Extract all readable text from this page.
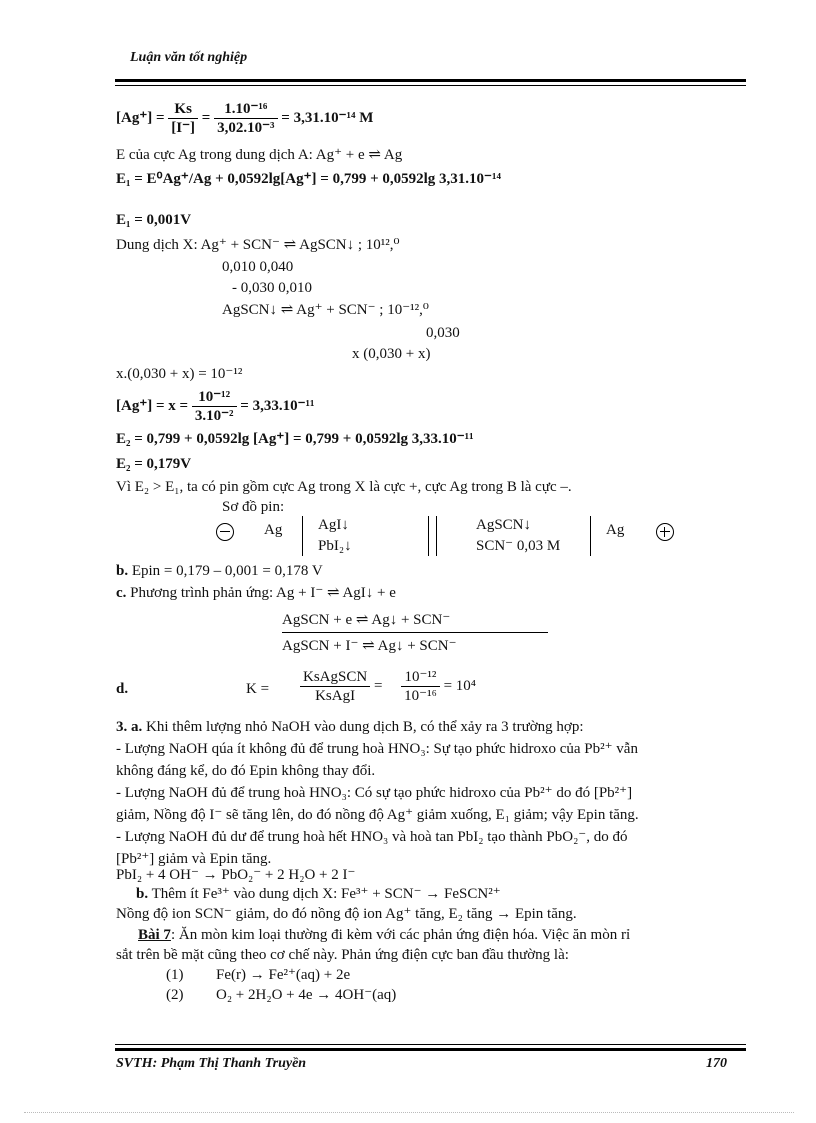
Luận văn tốt nghiệp
$[Ag^+] = \frac{Ks}{[I^-]} = \frac{\text{1.10⁻¹⁶}}{\text{3,02.10⁻³}} = 3,31.10^{-14}$ M
E của cực Ag trong dung dịch A: Ag⁺ + e ⇌ Ag
E₁ = E⁰Ag⁺/Ag + 0,0592lg[Ag⁺] = 0,799 + 0,0592lg 3,31.10⁻¹⁴
E₁ = 0,001V
Dung dịch X: Ag⁺ + SCN⁻ ⇌ AgSCN↓ ; 10¹²,⁰
0,010 0,040
- 0,030 0,010
AgSCN↓ ⇌ Ag⁺ + SCN⁻ ; 10⁻¹²,⁰
0,030
x (0,030 + x)
x.(0,030 + x) = 10⁻¹²
$[Ag^+] = x = \frac{\text{10⁻¹²}}{\text{3.10⁻²}} = 3,33.10^{-11}$
E₂ = 0,799 + 0,0592lg [Ag⁺] = 0,799 + 0,0592lg 3,33.10⁻¹¹
E₂ = 0,179V
Vì E₂ > E₁, ta có pin gồm cực Ag trong X là cực +, cực Ag trong B là cực –.
Sơ đồ pin:
Ag AgI↓
PbI₂↓
AgSCN↓
SCN⁻ 0,03 M
Ag
b. Epin = 0,179 – 0,001 = 0,178 V
c. Phương trình phản ứng: Ag + I⁻ ⇌ AgI↓ + e
AgSCN + e ⇌ Ag↓ + SCN⁻
AgSCN + I⁻ ⇌ Ag↓ + SCN⁻
d.	$K = \frac{\text{KsAgSCN}}{\text{KsAgI}} = \frac{\text{10⁻¹²}}{\text{10⁻¹⁶}} = 10^4$
3. a. Khi thêm lượng nhỏ NaOH vào dung dịch B, có thể xảy ra 3 trường hợp:
- Lượng NaOH qúa ít không đủ để trung hoà HNO₃: Sự tạo phức hidroxo của Pb²⁺ vẫn
không đáng kể, do đó Epin không thay đổi.
- Lượng NaOH đủ để trung hoà HNO₃: Có sự tạo phức hidroxo của Pb²⁺ do đó [Pb²⁺]
giảm, Nồng độ I⁻ sẽ tăng lên, do đó nồng độ Ag⁺ giảm xuống, E₁ giảm; vậy Epin tăng.
- Lượng NaOH đủ dư để trung hoà hết HNO₃ và hoà tan PbI₂ tạo thành PbO₂⁻, do đó
[Pb²⁺] giảm và Epin tăng.
PbI₂ + 4 OH⁻ → PbO₂⁻ + 2 H₂O + 2 I⁻
b. Thêm ít Fe³⁺ vào dung dịch X: Fe³⁺ + SCN⁻ → FeSCN²⁺
Nồng độ ion SCN⁻ giảm, do đó nồng độ ion Ag⁺ tăng, E₂ tăng → Epin tăng.
Bài 7: Ăn mòn kim loại thường đi kèm với các phản ứng điện hóa. Việc ăn mòn rỉ
sắt trên bề mặt cũng theo cơ chế này. Phản ứng điện cực ban đầu thường là:
(1) Fe(r) → Fe²⁺(aq) + 2e
(2) O₂ + 2H₂O + 4e → 4OH⁻(aq)
SVTH: Phạm Thị Thanh Truyền	170
